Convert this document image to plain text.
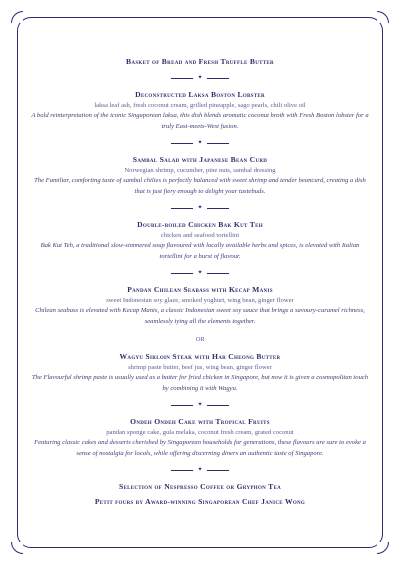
Basket of Bread and Fresh Truffle Butter

✦

Deconstructed Laksa Boston Lobster

laksa leaf ash, fresh coconut cream, grilled pineapple, sago pearls, chili olive oil

A bold reinterpretation of the iconic Singaporean laksa, this dish blends aromatic coconut broth with Fresh Boston lobster for a truly East-meets-West fusion.

✦

Sambal Salad with Japanese Bean Curd

Norwegian shrimp, cucumber, pine nuts, sambal dressing

The Familiar, comforting taste of sambal chilies is perfectly balanced with sweet shrimp and tender beancurd, creating a dish that is just fiery enough to delight your tastebuds.

✦

Double-boiled Chicken Bak Kut Teh

chicken and seafood tortellini

Bak Kut Teh, a traditional slow-simmered soup flavoured with locally available herbs and spices, is elevated with Italian tortellini for a burst of flavour.

✦

Pandan Chilean Seabass with Kecap Manis

sweet Indonesian soy glaze, smoked yoghurt, wing bean, ginger flower

Chilean seabass is elevated with Kecap Manis, a classic Indonesian sweet soy sauce that brings a savoury-caramel richness, seamlessly tying all the elements together.

OR

Wagyu Sirloin Steak with Har Cheong Butter

shrimp paste butter, beef jus, wing bean, ginger flower

The Flavourful shrimp paste is usually used as a batter for fried chicken in Singapore, but now it is given a cosmopolitan touch by combining it with Wagyu.

✦

Ondeh Ondeh Cake with Tropical Fruits

pandan sponge cake, gula melaka, coconut fresh cream, grated coconut

Featuring classic cakes and desserts cherished by Singaporean households for generations, these flavours are sure to evoke a sense of nostalgia for locals, while offering discerning diners an authentic taste of Singapore.

✦

Selection of Nespresso Coffee or Gryphon Tea

Petit fours by Award-winning Singaporean Chef Janice Wong
